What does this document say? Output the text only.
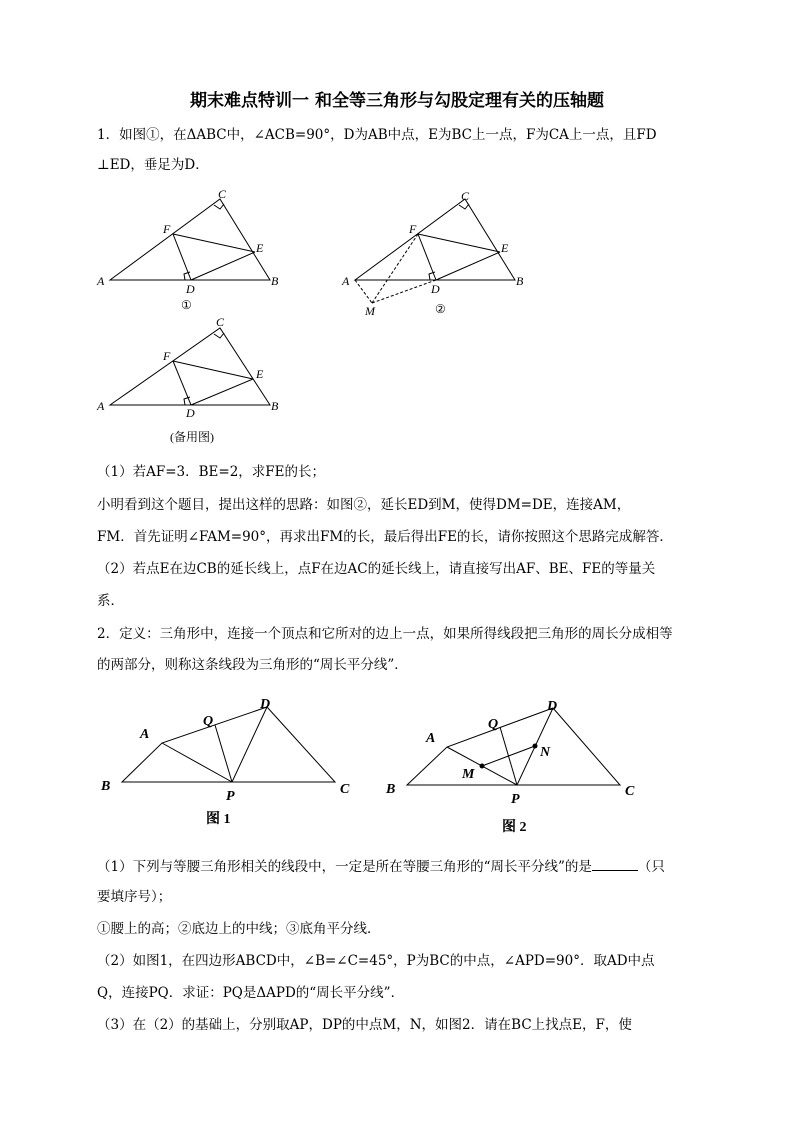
期末难点特训一 和全等三角形与勾股定理有关的压轴题
1．如图①，在ΔABC中，∠ACB=90°，D为AB中点，E为BC上一点，F为CA上一点，且FD
⊥ED，垂足为D．
A
C
F
E
D
B
①
A
C
F
E
D
B
M	②
A
C
F
E
D	B
(备用图)
（1）若AF=3．BE=2，求FE的长；
小明看到这个题目，提出这样的思路：如图②，延长ED到M，使得DM=DE，连接AM，
FM．首先证明∠FAM=90°，再求出FM的长，最后得出FE的长，请你按照这个思路完成解答．
（2）若点E在边CB的延长线上，点F在边AC的延长线上，请直接写出AF、BE、FE的等量关
系．
2．定义：三角形中，连接一个顶点和它所对的边上一点，如果所得线段把三角形的周长分成相等
的两部分，则称这条线段为三角形的“周长平分线”．
A
Q
D
B
P	C
图 1
A
Q
D
B
P
C
M
N
图 2
（1）下列与等腰三角形相关的线段中，一定是所在等腰三角形的“周长平分线”的是	（只
要填序号）；
①腰上的高；②底边上的中线；③底角平分线．
（2）如图1，在四边形ABCD中，∠B=∠C=45°，P为BC的中点，∠APD=90°．取AD中点
Q，连接PQ．求证：PQ是ΔAPD的“周长平分线”．
（3）在（2）的基础上，分别取AP，DP的中点M，N，如图2．请在BC上找点E，F，使
